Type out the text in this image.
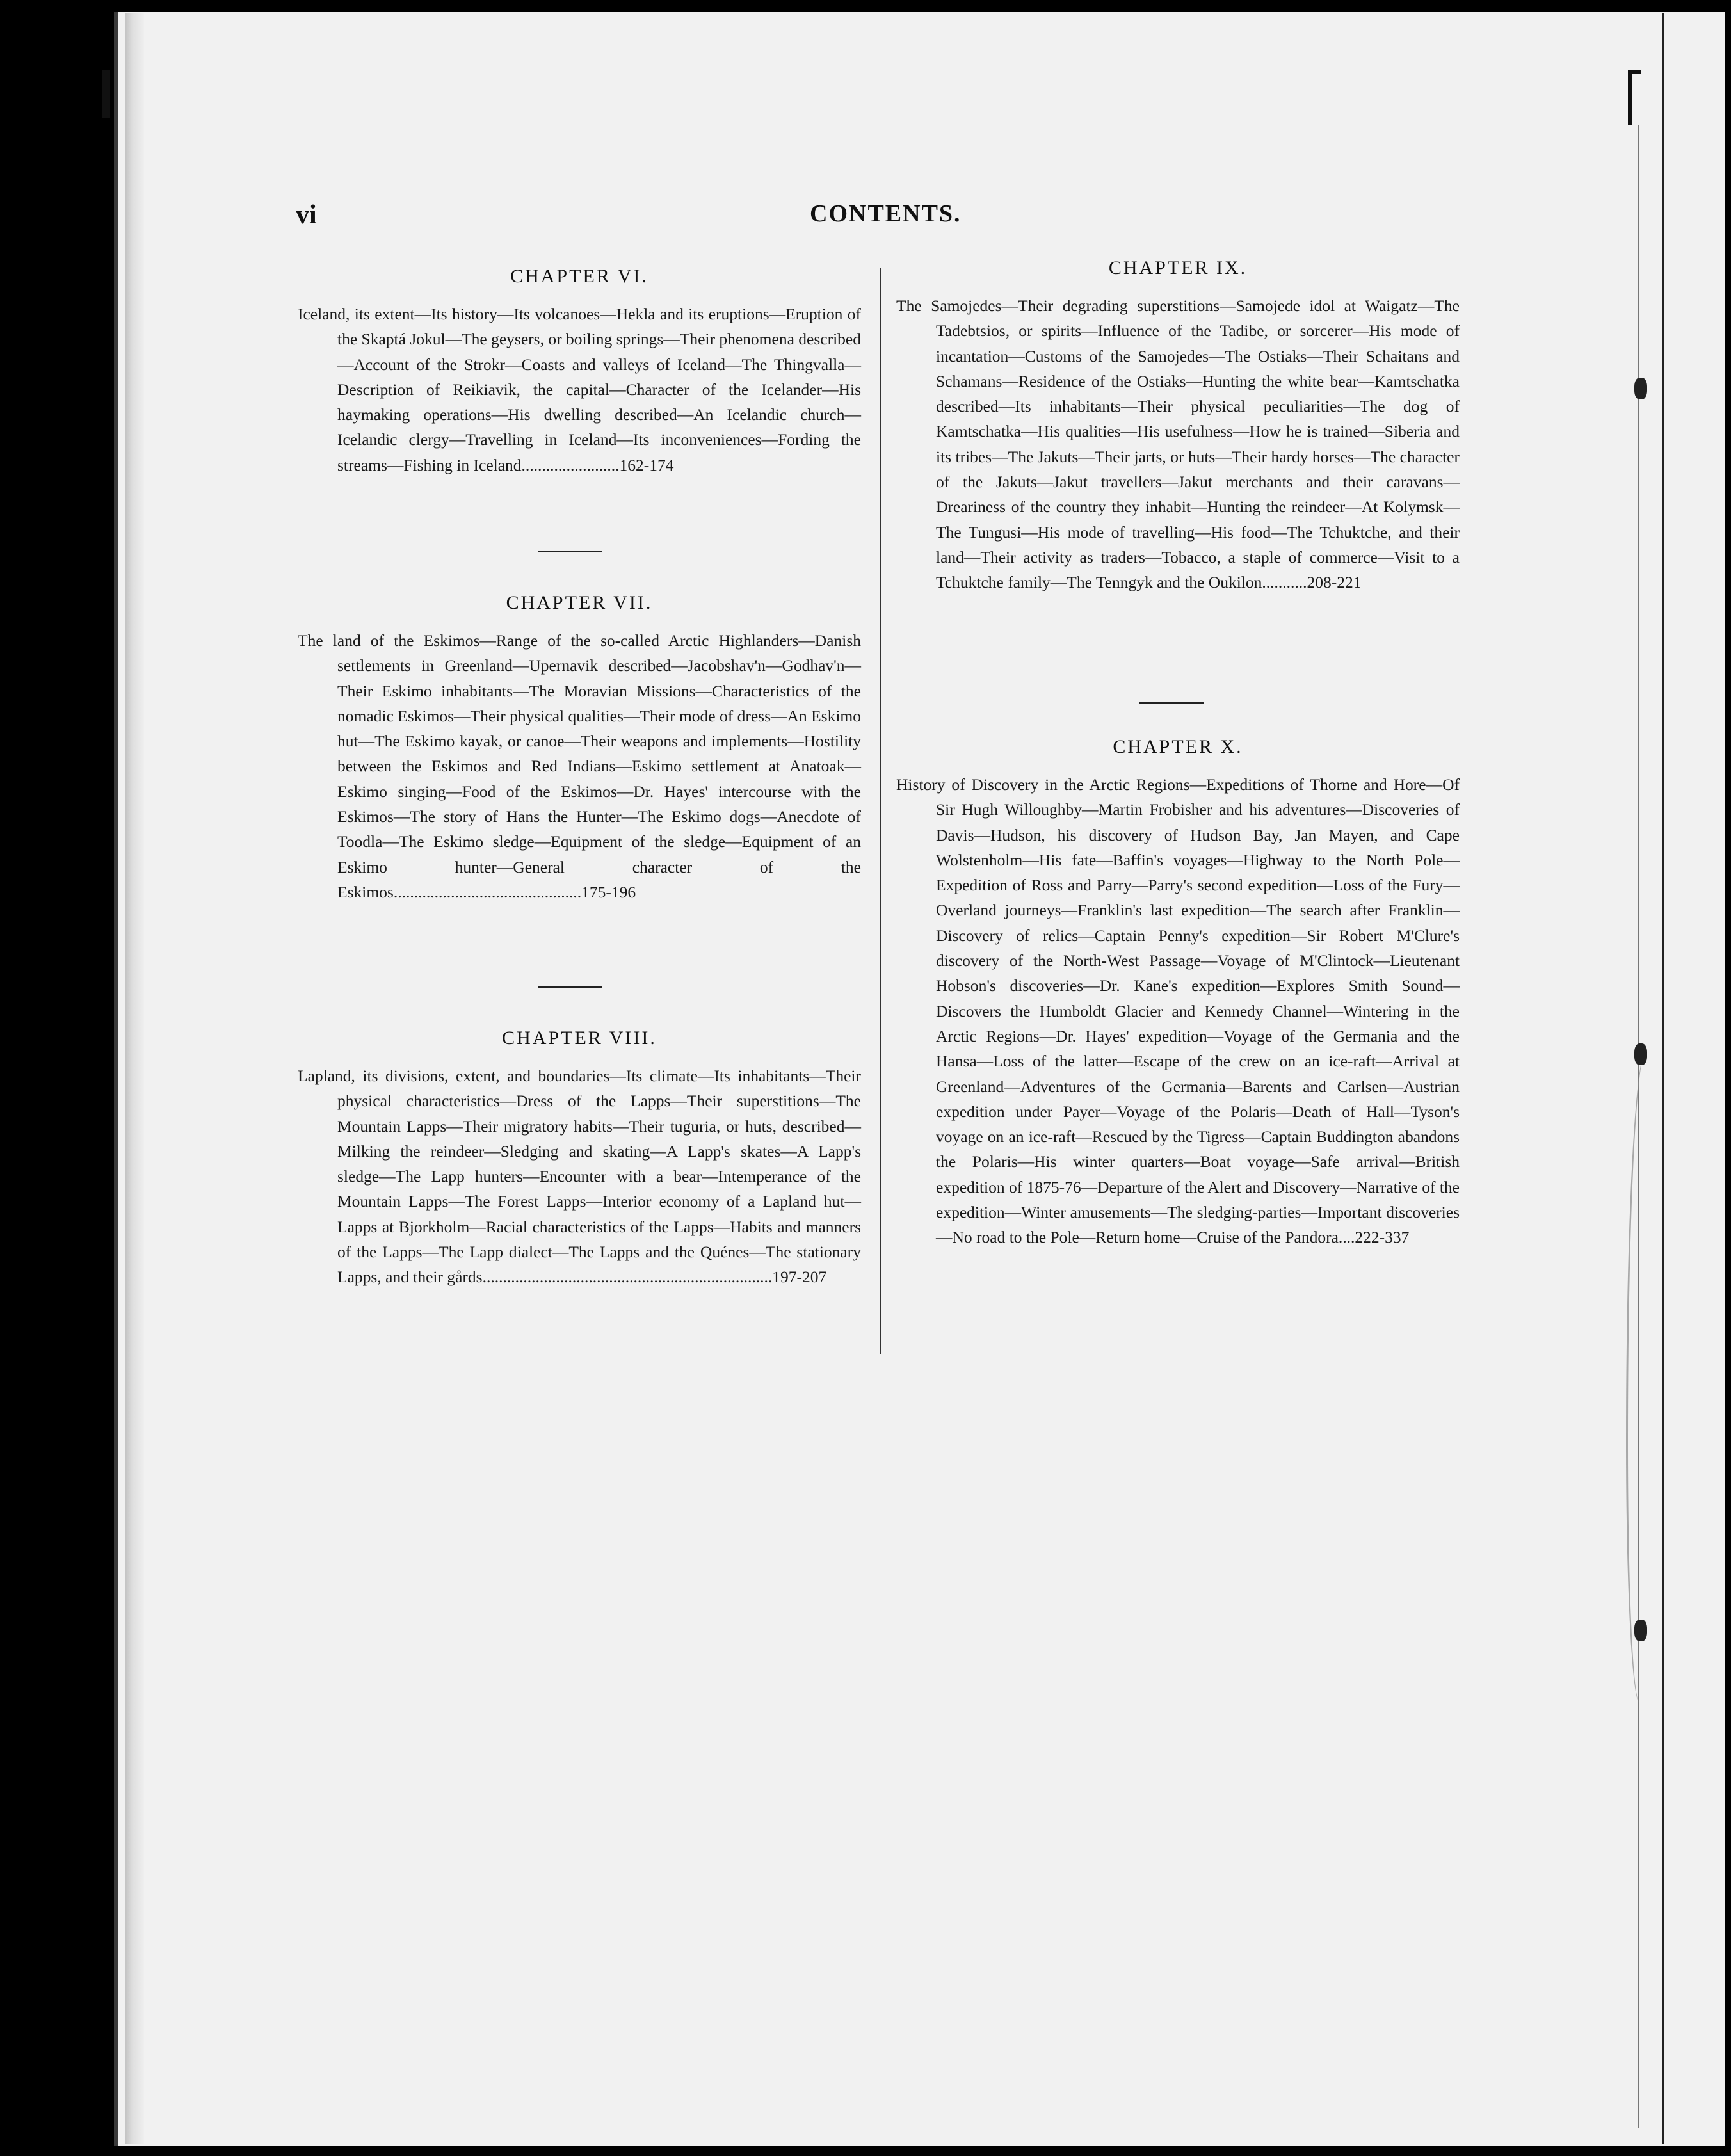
vi	CONTENTS.
CHAPTER VI.

Iceland, its extent—Its history—Its volcanoes—Hekla and its eruptions—Eruption of the Skaptá Jokul—The geysers, or boiling springs—Their phenomena described—Account of the Strokr—Coasts and valleys of Iceland—The Thingvalla—Description of Reikiavik, the capital—Character of the Icelander—His haymaking operations—His dwelling described—An Icelandic church—Icelandic clergy—Travelling in Iceland—Its inconveniences—Fording the streams—Fishing in Iceland........................162-174

CHAPTER VII.

The land of the Eskimos—Range of the so-called Arctic Highlanders—Danish settlements in Greenland—Upernavik described—Jacobshav'n—Godhav'n—Their Eskimo inhabitants—The Moravian Missions—Characteristics of the nomadic Eskimos—Their physical qualities—Their mode of dress—An Eskimo hut—The Eskimo kayak, or canoe—Their weapons and implements—Hostility between the Eskimos and Red Indians—Eskimo settlement at Anatoak—Eskimo singing—Food of the Eskimos—Dr. Hayes' intercourse with the Eskimos—The story of Hans the Hunter—The Eskimo dogs—Anecdote of Toodla—The Eskimo sledge—Equipment of the sledge—Equipment of an Eskimo hunter—General character of the Eskimos..............................................175-196

CHAPTER VIII.

Lapland, its divisions, extent, and boundaries—Its climate—Its inhabitants—Their physical characteristics—Dress of the Lapps—Their superstitions—The Mountain Lapps—Their migratory habits—Their tuguria, or huts, described—Milking the reindeer—Sledging and skating—A Lapp's skates—A Lapp's sledge—The Lapp hunters—Encounter with a bear—Intemperance of the Mountain Lapps—The Forest Lapps—Interior economy of a Lapland hut—Lapps at Bjorkholm—Racial characteristics of the Lapps—Habits and manners of the Lapps—The Lapp dialect—The Lapps and the Quénes—The stationary Lapps, and their gårds.......................................................................197-207

CHAPTER IX.

The Samojedes—Their degrading superstitions—Samojede idol at Waigatz—The Tadebtsios, or spirits—Influence of the Tadibe, or sorcerer—His mode of incantation—Customs of the Samojedes—The Ostiaks—Their Schaitans and Schamans—Residence of the Ostiaks—Hunting the white bear—Kamtschatka described—Its inhabitants—Their physical peculiarities—The dog of Kamtschatka—His qualities—His usefulness—How he is trained—Siberia and its tribes—The Jakuts—Their jarts, or huts—Their hardy horses—The character of the Jakuts—Jakut travellers—Jakut merchants and their caravans—Dreariness of the country they inhabit—Hunting the reindeer—At Kolymsk—The Tungusi—His mode of travelling—His food—The Tchuktche, and their land—Their activity as traders—Tobacco, a staple of commerce—Visit to a Tchuktche family—The Tenngyk and the Oukilon...........208-221

CHAPTER X.

History of Discovery in the Arctic Regions—Expeditions of Thorne and Hore—Of Sir Hugh Willoughby—Martin Frobisher and his adventures—Discoveries of Davis—Hudson, his discovery of Hudson Bay, Jan Mayen, and Cape Wolstenholm—His fate—Baffin's voyages—Highway to the North Pole—Expedition of Ross and Parry—Parry's second expedition—Loss of the Fury—Overland journeys—Franklin's last expedition—The search after Franklin—Discovery of relics—Captain Penny's expedition—Sir Robert M'Clure's discovery of the North-West Passage—Voyage of M'Clintock—Lieutenant Hobson's discoveries—Dr. Kane's expedition—Explores Smith Sound—Discovers the Humboldt Glacier and Kennedy Channel—Wintering in the Arctic Regions—Dr. Hayes' expedition—Voyage of the Germania and the Hansa—Loss of the latter—Escape of the crew on an ice-raft—Arrival at Greenland—Adventures of the Germania—Barents and Carlsen—Austrian expedition under Payer—Voyage of the Polaris—Death of Hall—Tyson's voyage on an ice-raft—Rescued by the Tigress—Captain Buddington abandons the Polaris—His winter quarters—Boat voyage—Safe arrival—British expedition of 1875-76—Departure of the Alert and Discovery—Narrative of the expedition—Winter amusements—The sledging-parties—Important discoveries—No road to the Pole—Return home—Cruise of the Pandora....222-337
